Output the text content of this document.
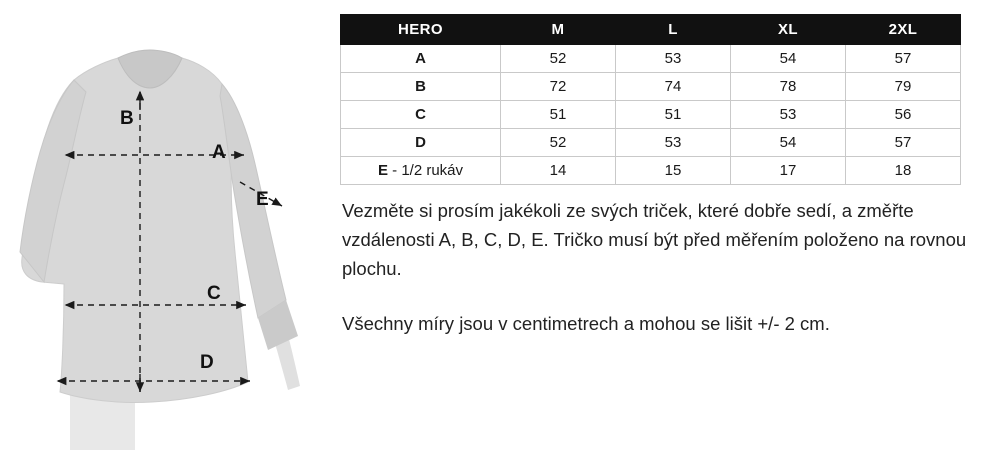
B
A
E
C
D
HERO	M	L	XL	2XL
A	52	53	54	57
B	72	74	78	79
C	51	51	53	56
D	52	53	54	57
E - 1/2 rukáv	14	15	17	18

Vezměte si prosím jakékoli ze svých triček, které dobře sedí, a změřte vzdálenosti A, B, C, D, E. Tričko musí být před měřením položeno na rovnou plochu.

Všechny míry jsou v centimetrech a mohou se lišit +/- 2 cm.
